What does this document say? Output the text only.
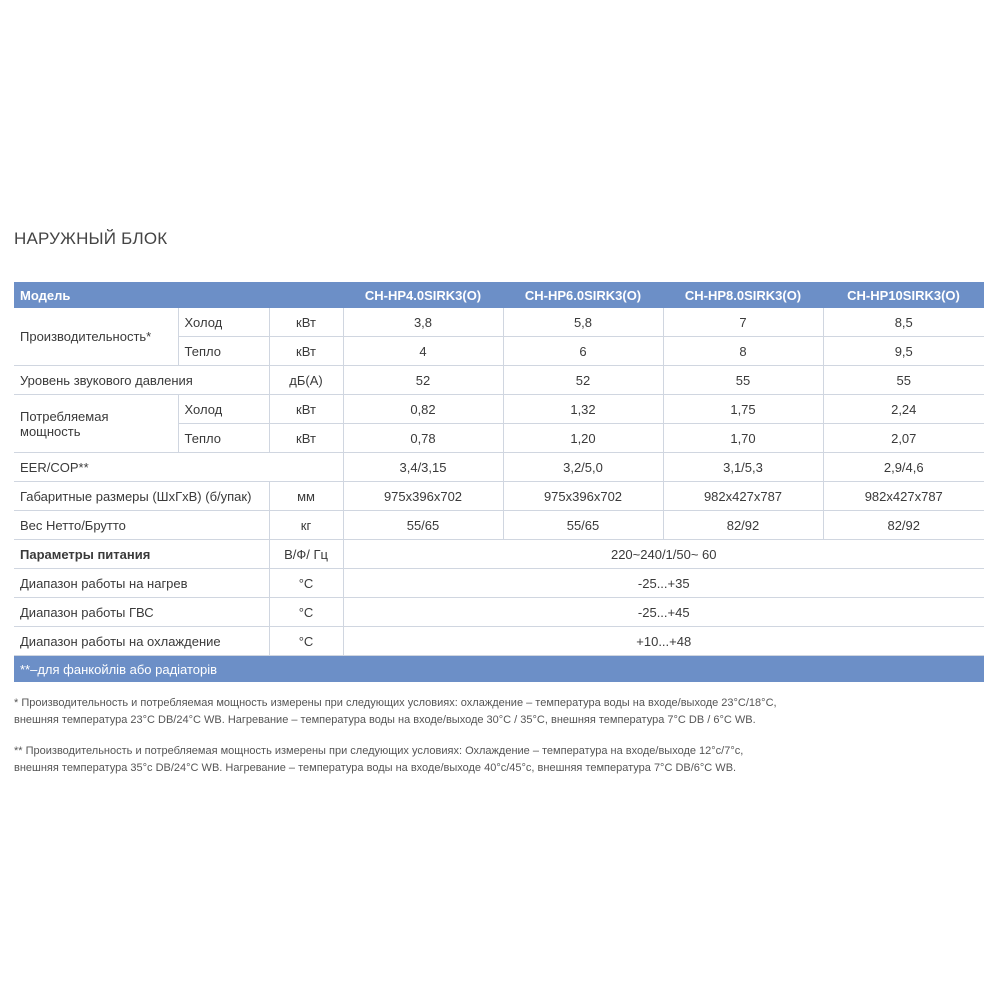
НАРУЖНЫЙ БЛОК
Модель			CH-HP4.0SIRK3(O)	CH-HP6.0SIRK3(O)	CH-HP8.0SIRK3(O)	CH-HP10SIRK3(O)
Производительность*	Холод	кВт	3,8	5,8	7	8,5
	Тепло	кВт	4	6	8	9,5
Уровень звукового давления		дБ(А)	52	52	55	55
Потребляемая мощность	Холод	кВт	0,82	1,32	1,75	2,24
	Тепло	кВт	0,78	1,20	1,70	2,07
EER/COP**			3,4/3,15	3,2/5,0	3,1/5,3	2,9/4,6
Габаритные размеры (ШхГхВ) (б/упак)		мм	975x396x702	975x396x702	982x427x787	982x427x787
Вес Нетто/Брутто		кг	55/65	55/65	82/92	82/92
Параметры питания		В/Ф/ Гц	220~240/1/50~ 60			
Диапазон работы на нагрев		°С	-25...+35			
Диапазон работы ГВС		°С	-25...+45			
Диапазон работы на охлаждение		°С	+10...+48			
**–для фанкойлів або радіаторів						

* Производительность и потребляемая мощность измерены при следующих условиях: охлаждение – температура воды на входе/выходе 23°С/18°С,
внешняя температура 23°С DB/24°С WB. Нагревание – температура воды на входе/выходе 30°С / 35°С, внешняя температура 7°С DB / 6°С WB.

** Производительность и потребляемая мощность измерены при следующих условиях: Охлаждение – температура на входе/выходе 12°с/7°с,
внешняя температура 35°с DB/24°С WB. Нагревание – температура воды на входе/выходе 40°с/45°с, внешняя температура 7°С DB/6°С WB.
